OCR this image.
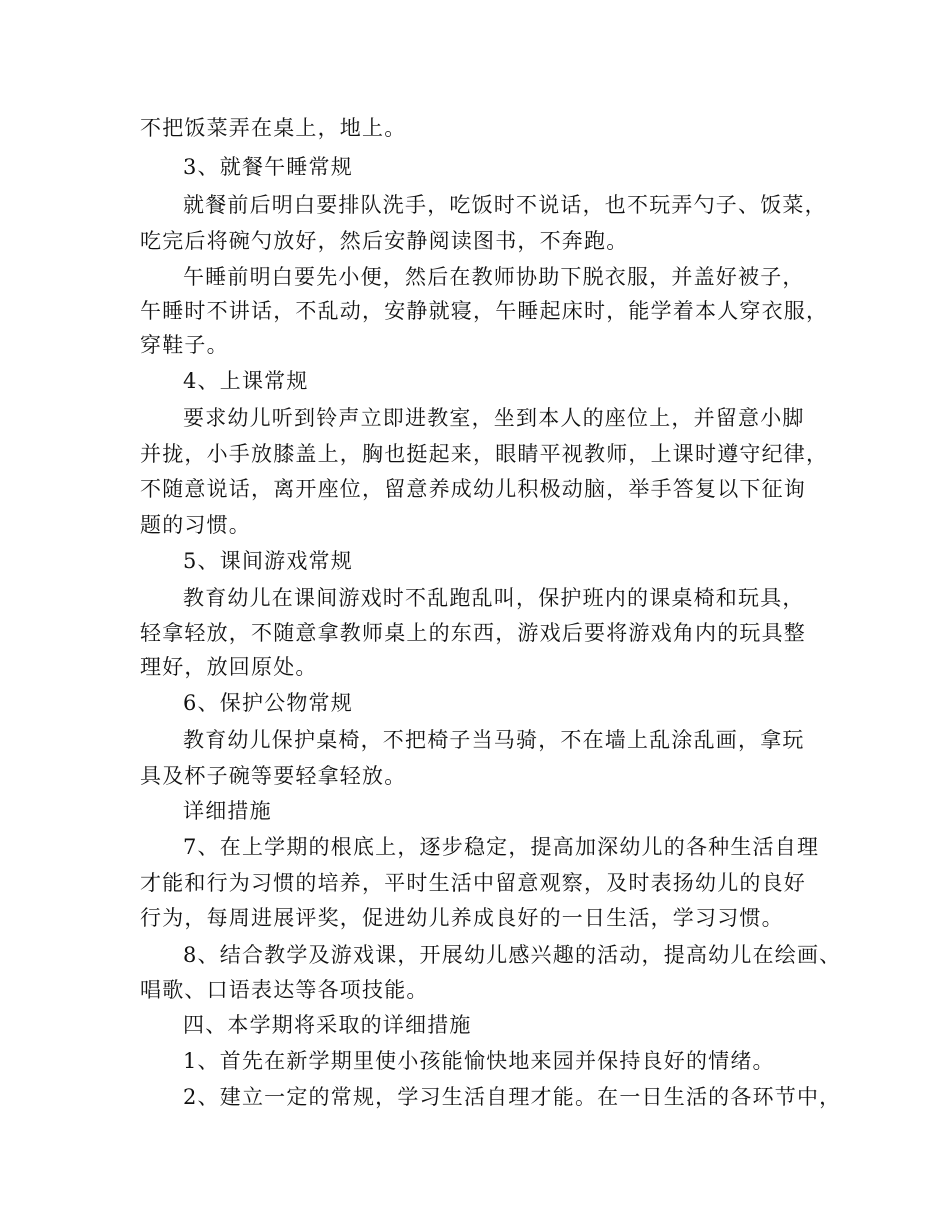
不把饭菜弄在桌上，地上。
3、就餐午睡常规
就餐前后明白要排队洗手，吃饭时不说话，也不玩弄勺子、饭菜，
吃完后将碗勺放好，然后安静阅读图书，不奔跑。
午睡前明白要先小便，然后在教师协助下脱衣服，并盖好被子，
午睡时不讲话，不乱动，安静就寝，午睡起床时，能学着本人穿衣服，
穿鞋子。
4、上课常规
要求幼儿听到铃声立即进教室，坐到本人的座位上，并留意小脚
并拢，小手放膝盖上，胸也挺起来，眼睛平视教师，上课时遵守纪律，
不随意说话，离开座位，留意养成幼儿积极动脑，举手答复以下征询
题的习惯。
5、课间游戏常规
教育幼儿在课间游戏时不乱跑乱叫，保护班内的课桌椅和玩具，
轻拿轻放，不随意拿教师桌上的东西，游戏后要将游戏角内的玩具整
理好，放回原处。
6、保护公物常规
教育幼儿保护桌椅，不把椅子当马骑，不在墙上乱涂乱画，拿玩
具及杯子碗等要轻拿轻放。
详细措施
7、在上学期的根底上，逐步稳定，提高加深幼儿的各种生活自理
才能和行为习惯的培养，平时生活中留意观察，及时表扬幼儿的良好
行为，每周进展评奖，促进幼儿养成良好的一日生活，学习习惯。
8、结合教学及游戏课，开展幼儿感兴趣的活动，提高幼儿在绘画、
唱歌、口语表达等各项技能。
四、本学期将采取的详细措施
1、首先在新学期里使小孩能愉快地来园并保持良好的情绪。
2、建立一定的常规，学习生活自理才能。在一日生活的各环节中，
